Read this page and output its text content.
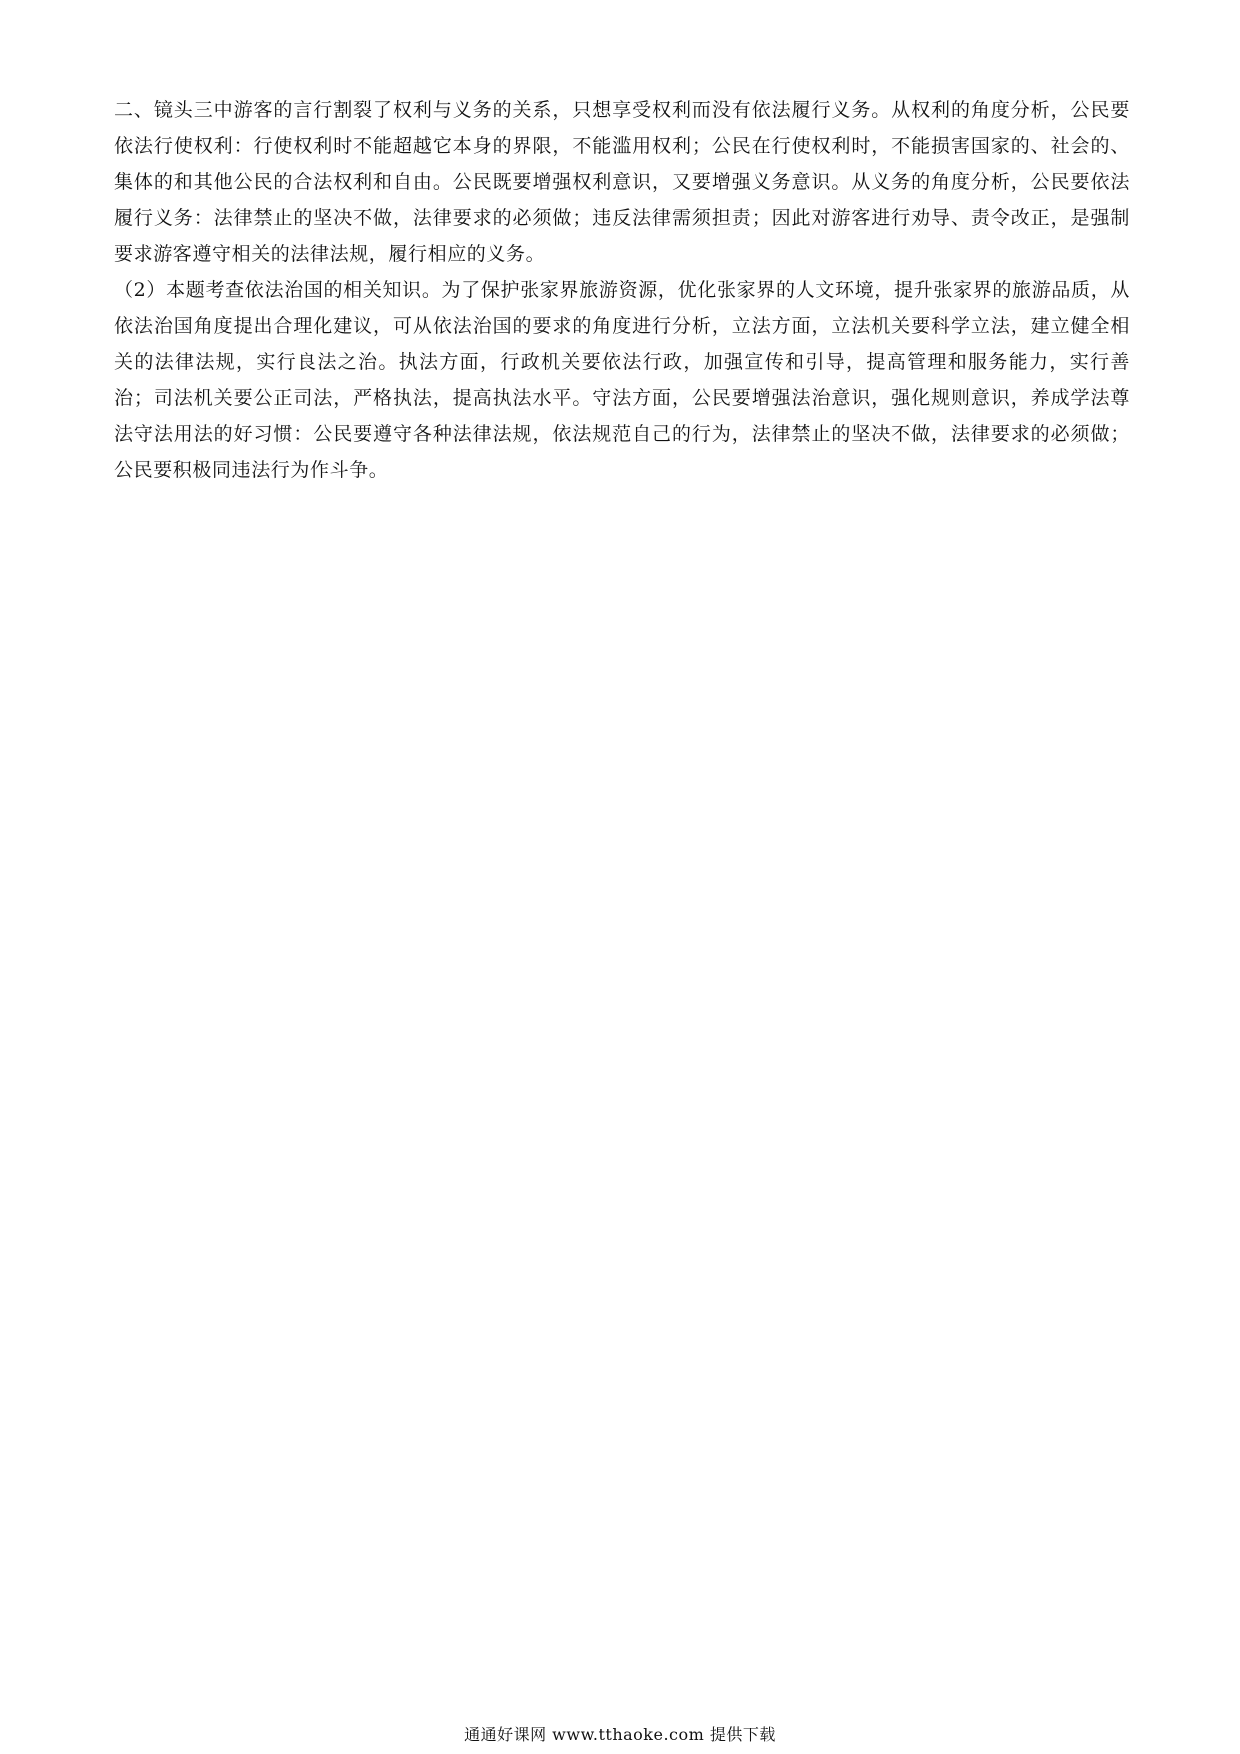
二、镜头三中游客的言行割裂了权利与义务的关系，只想享受权利而没有依法履行义务。从权利的角度分析，公民要依法行使权利：行使权利时不能超越它本身的界限，不能滥用权利；公民在行使权利时，不能损害国家的、社会的、集体的和其他公民的合法权利和自由。公民既要增强权利意识，又要增强义务意识。从义务的角度分析，公民要依法履行义务：法律禁止的坚决不做，法律要求的必须做；违反法律需须担责；因此对游客进行劝导、责令改正，是强制要求游客遵守相关的法律法规，履行相应的义务。

（2）本题考查依法治国的相关知识。为了保护张家界旅游资源，优化张家界的人文环境，提升张家界的旅游品质，从依法治国角度提出合理化建议，可从依法治国的要求的角度进行分析，立法方面，立法机关要科学立法，建立健全相关的法律法规，实行良法之治。执法方面，行政机关要依法行政，加强宣传和引导，提高管理和服务能力，实行善治；司法机关要公正司法，严格执法，提高执法水平。守法方面，公民要增强法治意识，强化规则意识，养成学法尊法守法用法的好习惯：公民要遵守各种法律法规，依法规范自己的行为，法律禁止的坚决不做，法律要求的必须做；公民要积极同违法行为作斗争。

通通好课网 www.tthaoke.com 提供下载
